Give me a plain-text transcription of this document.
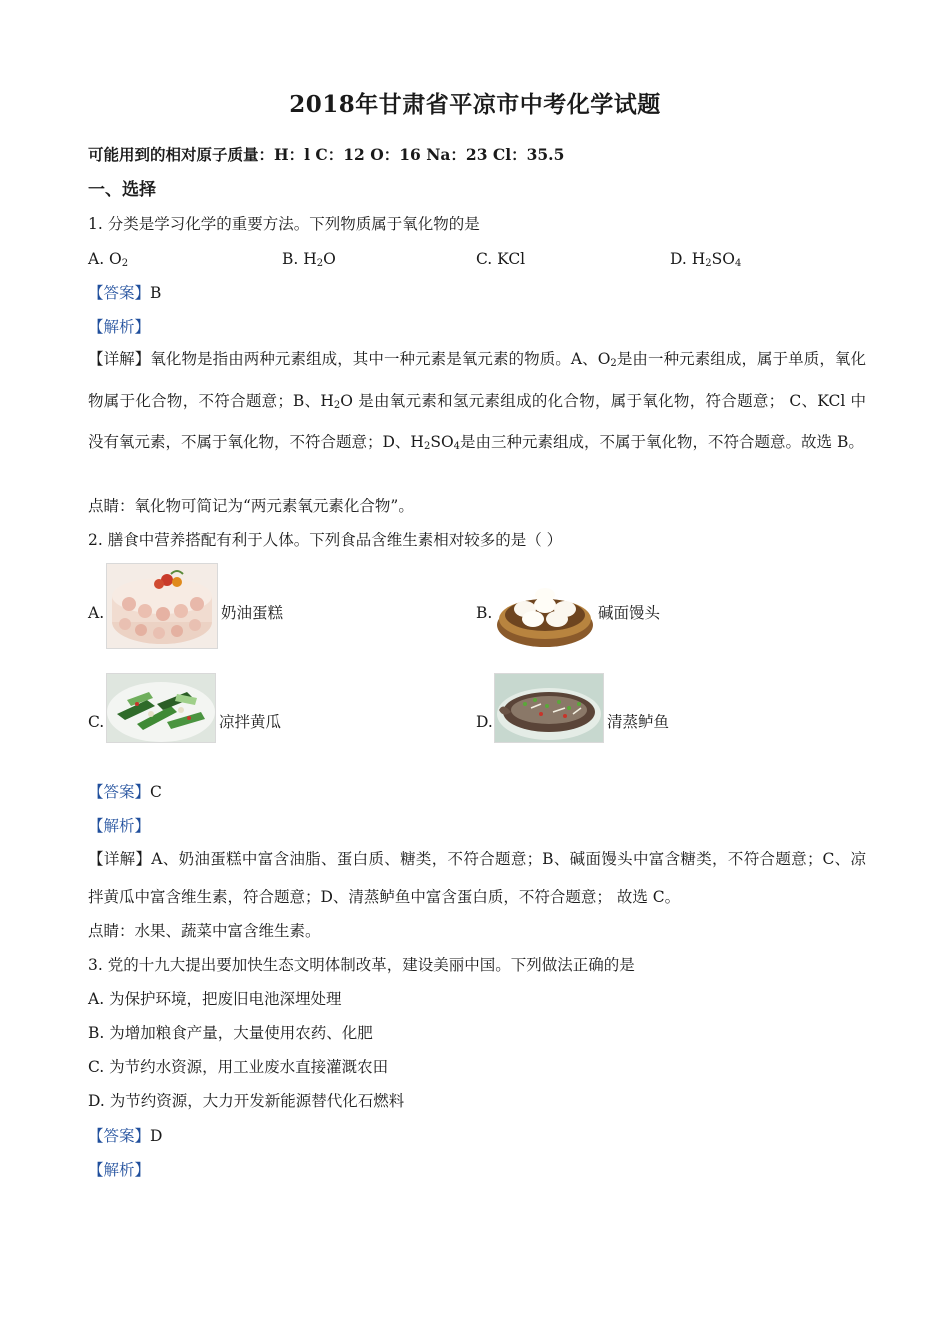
2018年甘肃省平凉市中考化学试题
可能用到的相对原子质量：H：l C：12 O：16 Na：23 Cl：35.5
一、选择
1. 分类是学习化学的重要方法。下列物质属于氧化物的是
A. $O_2$	B. $H_2O$	C. KCl	D. $H_2SO_4$
【答案】B
【解析】
【详解】氧化物是指由两种元素组成，其中一种元素是氧元素的物质。A、$O_2$是由一种元素组成，属于单质，氧化物属于化合物，不符合题意；B、$H_2O$ 是由氧元素和氢元素组成的化合物，属于氧化物，符合题意； C、KCl 中没有氧元素，不属于氧化物，不符合题意；D、$H_2SO_4$是由三种元素组成，不属于氧化物，不符合题意。故选 B。
点睛：氧化物可简记为“两元素氧元素化合物”。
2. 膳食中营养搭配有利于人体。下列食品含维生素相对较多的是（ ）
A.	奶油蛋糕	B.	碱面馒头
C.	凉拌黄瓜	D.	清蒸鲈鱼
【答案】C
【解析】
【详解】A、奶油蛋糕中富含油脂、蛋白质、糖类，不符合题意；B、碱面馒头中富含糖类，不符合题意；C、凉拌黄瓜中富含维生素，符合题意；D、清蒸鲈鱼中富含蛋白质，不符合题意； 故选 C。
点睛：水果、蔬菜中富含维生素。
3. 党的十九大提出要加快生态文明体制改革，建设美丽中国。下列做法正确的是
A. 为保护环境，把废旧电池深埋处理
B. 为增加粮食产量，大量使用农药、化肥
C. 为节约水资源，用工业废水直接灌溉农田
D. 为节约资源，大力开发新能源替代化石燃料
【答案】D
【解析】
